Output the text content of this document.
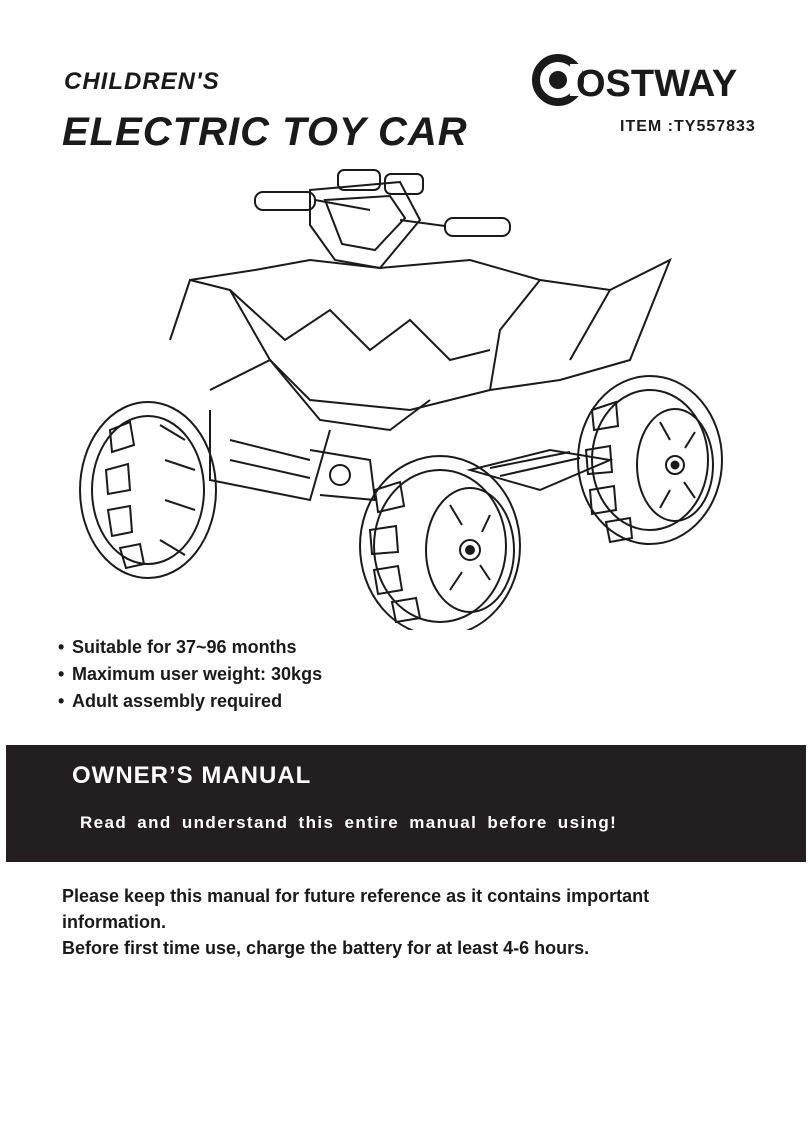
CHILDREN'S
ELECTRIC TOY CAR
OSTWAY
ITEM :TY557833
• Suitable for 37~96 months
• Maximum user weight: 30kgs
• Adult assembly required
OWNER’S MANUAL

Read and understand this entire manual before using!

Please keep this manual for future reference as it contains important information.

Before first time use, charge the battery for at least 4-6 hours.
